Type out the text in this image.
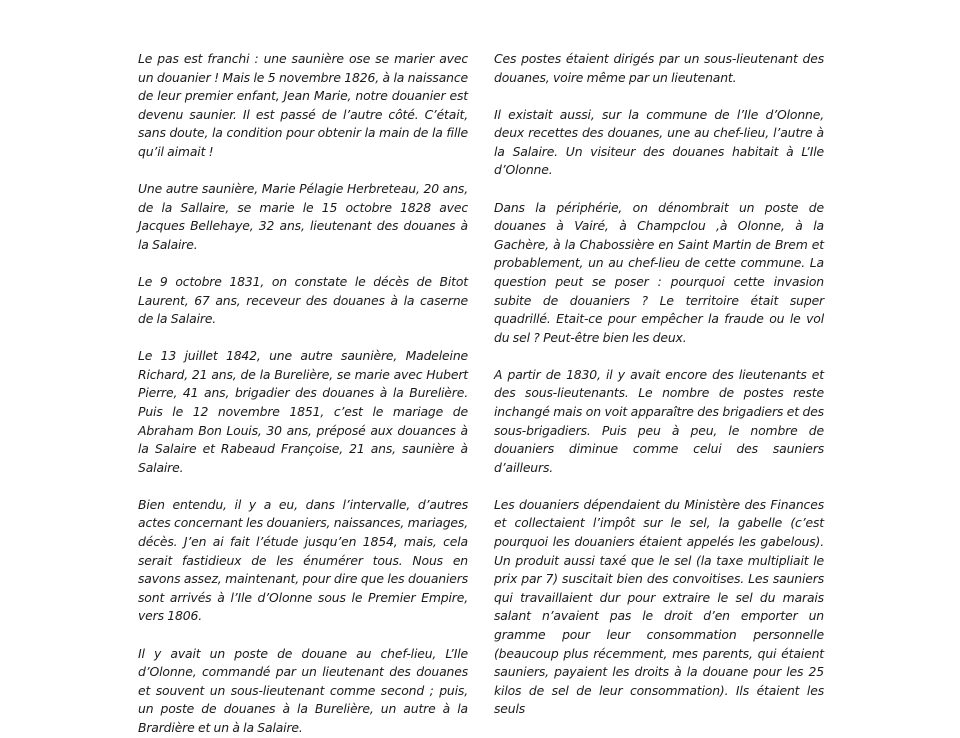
Le pas est franchi : une saunière ose se marier avec un douanier ! Mais le 5 novembre 1826, à la naissance de leur premier enfant, Jean Marie, notre douanier est devenu saunier. Il est passé de l’autre côté. C’était, sans doute, la condition pour obtenir la main de la fille qu’il aimait !

Une autre saunière, Marie Pélagie Herbreteau, 20 ans, de la Sallaire, se marie le 15 octobre 1828 avec Jacques Bellehaye, 32 ans, lieutenant des douanes à la Salaire.

Le 9 octobre 1831, on constate le décès de Bitot Laurent, 67 ans, receveur des douanes à la caserne de la Salaire.

Le 13 juillet 1842, une autre saunière, Madeleine Richard, 21 ans, de la Burelière, se marie avec Hubert Pierre, 41 ans, brigadier des douanes à la Burelière. Puis le 12 novembre 1851, c’est le mariage de Abraham Bon Louis, 30 ans, préposé aux douances à la Salaire et Rabeaud Françoise, 21 ans, saunière à Salaire.

Bien entendu, il y a eu, dans l’intervalle, d’autres actes concernant les douaniers, naissances, mariages, décès. J’en ai fait l’étude jusqu’en 1854, mais, cela serait fastidieux de les énumérer tous. Nous en savons assez, maintenant, pour dire que les douaniers sont arrivés à l’Ile d’Olonne sous le Premier Empire, vers 1806.

Il y avait un poste de douane au chef-lieu, L’Ile d’Olonne, commandé par un lieutenant des douanes et souvent un sous-lieutenant comme second ; puis, un poste de douanes à la Burelière, un autre à la Brardière et un à la Salaire.

Ces postes étaient dirigés par un sous-lieutenant des douanes, voire même par un lieutenant.

Il existait aussi, sur la commune de l’Ile d’Olonne, deux recettes des douanes, une au chef-lieu, l’autre à la Salaire. Un visiteur des douanes habitait à L’Ile d’Olonne.

Dans la périphérie, on dénombrait un poste de douanes à Vairé, à Champclou ,à Olonne, à la Gachère, à la Chabossière en Saint Martin de Brem et probablement, un au chef-lieu de cette commune. La question peut se poser : pourquoi cette invasion subite de douaniers ? Le territoire était super quadrillé. Etait-ce pour empêcher la fraude ou le vol du sel ? Peut-être bien les deux.

A partir de 1830, il y avait encore des lieutenants et des sous-lieutenants. Le nombre de postes reste inchangé mais on voit apparaître des brigadiers et des sous-brigadiers. Puis peu à peu, le nombre de douaniers diminue comme celui des sauniers d’ailleurs.

Les douaniers dépendaient du Ministère des Finances et collectaient l’impôt sur le sel, la gabelle (c’est pourquoi les douaniers étaient appelés les gabelous). Un produit aussi taxé que le sel (la taxe multipliait le prix par 7) suscitait bien des convoitises. Les sauniers qui travaillaient dur pour extraire le sel du marais salant n’avaient pas le droit d’en emporter un gramme pour leur consommation personnelle (beaucoup plus récemment, mes parents, qui étaient sauniers, payaient les droits à la douane pour les 25 kilos de sel de leur consommation). Ils étaient les seuls
